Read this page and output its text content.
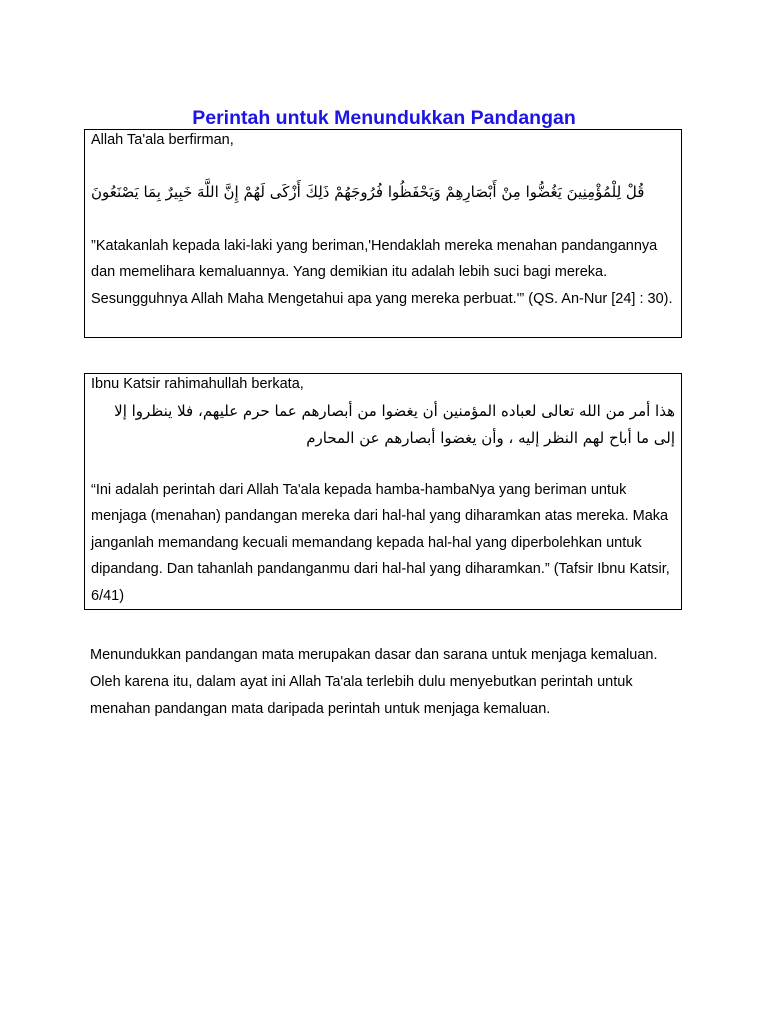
Perintah untuk Menundukkan Pandangan

Allah Ta'ala berfirman,

قُلْ لِلْمُؤْمِنِينَ يَغُضُّوا مِنْ أَبْصَارِهِمْ وَيَحْفَظُوا فُرُوجَهُمْ ذَلِكَ أَزْكَى لَهُمْ إِنَّ اللَّهَ خَبِيرٌ بِمَا يَصْنَعُونَ

”Katakanlah kepada laki-laki yang beriman,'Hendaklah mereka menahan pandangannya dan memelihara kemaluannya. Yang demikian itu adalah lebih suci bagi mereka. Sesungguhnya Allah Maha Mengetahui apa yang mereka perbuat.'” (QS. An-Nur [24] : 30).

Ibnu Katsir rahimahullah berkata,

هذا أمر من الله تعالى لعباده المؤمنين أن يغضوا من أبصارهم عما حرم عليهم، فلا ينظروا إلا إلى ما أباح لهم النظر إليه ، وأن يغضوا أبصارهم عن المحارم

“Ini adalah perintah dari Allah Ta'ala kepada hamba-hambaNya yang beriman untuk menjaga (menahan) pandangan mereka dari hal-hal yang diharamkan atas mereka. Maka janganlah memandang kecuali memandang kepada hal-hal yang diperbolehkan untuk dipandang. Dan tahanlah pandanganmu dari hal-hal yang diharamkan.” (Tafsir Ibnu Katsir, 6/41)

Menundukkan pandangan mata merupakan dasar dan sarana untuk menjaga kemaluan. Oleh karena itu, dalam ayat ini Allah Ta'ala terlebih dulu menyebutkan perintah untuk menahan pandangan mata daripada perintah untuk menjaga kemaluan.
